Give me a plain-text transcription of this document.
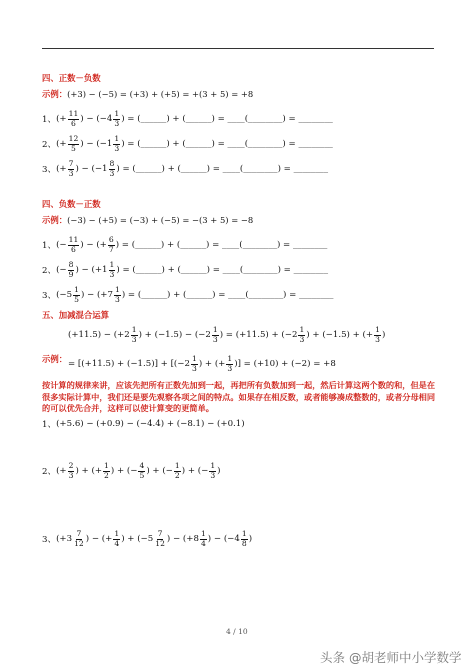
四、正数－负数
示例：(+3) − (−5) = (+3) + (+5) = +(3 + 5) = +8
1、 (+ $\frac{11}{6}$ ) − ($-4 \frac{1}{3}$ ) = (______) + (______) = ____(________) = ________
2、 (+ $\frac{12}{5}$ ) − ($-1 \frac{1}{3}$ ) = (______) + (______) = ____(________) = ________
3、 (+ $\frac{7}{3}$ ) − ($-1 \frac{8}{3}$ ) = (______) + (______) = ____(________) = ________
四、负数－正数
示例：(−3) − (+5) = (−3) + (−5) = −(3 + 5) = −8
1、 (− $\frac{11}{6}$ ) − (+ $\frac{6}{7}$ ) = (______) + (______) = ____(________) = ________
2、 (− $\frac{8}{9}$ ) − ($+1 \frac{1}{3}$ ) = (______) + (______) = ____(________) = ________
3、 ($-5 \frac{1}{5}$ ) − ($+7 \frac{1}{3}$ ) = (______) + (______) = ____(________) = ________
五、加减混合运算
$(+11.5) - (+2 \frac{1}{3}$ ) + $(-1.5) - (-2 \frac{1}{3}$ ) = $(+11.5) + (-2 \frac{1}{3}$ ) + (−1.5) + (+ $\frac{1}{3}$ )
示例：
= $[(+11.5) + (-1.5)] + [(-2 \frac{1}{3}$ ) + (+ $\frac{1}{3}$ )] = (+10) + (−2) = +8
按计算的规律来讲，应该先把所有正数先加到一起，再把所有负数加到一起，然后计算这两个数的和，但是在很多实际计算中，我们还是要先观察各项之间的特点。如果存在相反数，或者能够凑成整数的，或者分母相同的可以优先合并，这样可以使计算变的更简单。
1、 (+5.6) − (+0.9) − (−4.4) + (−8.1) − (+0.1)
2、 (+ $\frac{2}{3}$ ) + (+ $\frac{1}{2}$ ) + (− $\frac{4}{5}$ ) + (− $\frac{1}{2}$ ) + (− $\frac{1}{3}$ )
3、 ($+3 \frac{7}{12}$ ) − (+ $\frac{1}{4}$ ) + ($-5 \frac{7}{12}$ ) − ($+8 \frac{1}{4}$ ) − ($-4 \frac{1}{8}$ )
4 / 10
头条 @胡老师中小学数学
